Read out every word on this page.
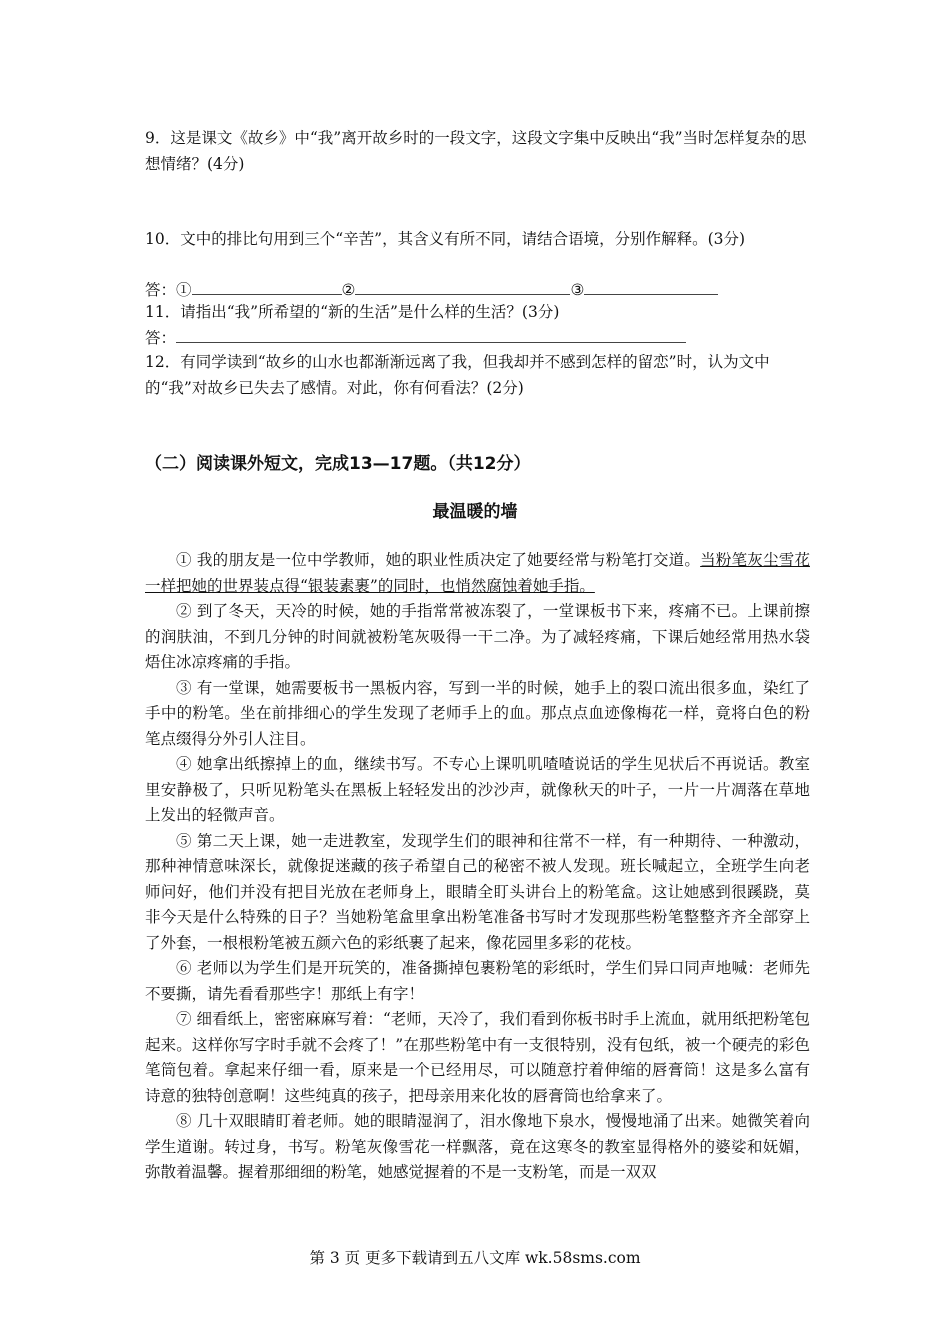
9．这是课文《故乡》中“我”离开故乡时的一段文字，这段文字集中反映出“我”当时怎样复杂的思想情绪？(4分)

10．文中的排比句用到三个“辛苦”，其含义有所不同，请结合语境，分别作解释。(3分)

答：①	②	③

11．请指出“我”所希望的“新的生活”是什么样的生活？(3分)

答：

12．有同学读到“故乡的山水也都渐渐远离了我，但我却并不感到怎样的留恋”时，认为文中的“我”对故乡已失去了感情。对此，你有何看法？(2分)

（二）阅读课外短文，完成13—17题。（共12分）

最温暖的墙

① 我的朋友是一位中学教师，她的职业性质决定了她要经常与粉笔打交道。当粉笔灰尘雪花一样把她的世界装点得“银装素裹”的同时，也悄然腐蚀着她手指。

② 到了冬天，天冷的时候，她的手指常常被冻裂了，一堂课板书下来，疼痛不已。上课前擦的润肤油，不到几分钟的时间就被粉笔灰吸得一干二净。为了减轻疼痛，下课后她经常用热水袋焐住冰凉疼痛的手指。

③ 有一堂课，她需要板书一黑板内容，写到一半的时候，她手上的裂口流出很多血，染红了手中的粉笔。坐在前排细心的学生发现了老师手上的血。那点点血迹像梅花一样，竟将白色的粉笔点缀得分外引人注目。

④ 她拿出纸擦掉上的血，继续书写。不专心上课叽叽喳喳说话的学生见状后不再说话。教室里安静极了，只听见粉笔头在黑板上轻轻发出的沙沙声，就像秋天的叶子，一片一片凋落在草地上发出的轻微声音。

⑤ 第二天上课，她一走进教室，发现学生们的眼神和往常不一样，有一种期待、一种激动，那种神情意味深长，就像捉迷藏的孩子希望自己的秘密不被人发现。班长喊起立，全班学生向老师问好，他们并没有把目光放在老师身上，眼睛全盯头讲台上的粉笔盒。这让她感到很蹊跷，莫非今天是什么特殊的日子？当她粉笔盒里拿出粉笔准备书写时才发现那些粉笔整整齐齐全部穿上了外套，一根根粉笔被五颜六色的彩纸裹了起来，像花园里多彩的花枝。

⑥ 老师以为学生们是开玩笑的，准备撕掉包裹粉笔的彩纸时，学生们异口同声地喊：老师先不要撕，请先看看那些字！那纸上有字！

⑦ 细看纸上，密密麻麻写着：“老师，天冷了，我们看到你板书时手上流血，就用纸把粉笔包起来。这样你写字时手就不会疼了！”在那些粉笔中有一支很特别，没有包纸，被一个硬壳的彩色笔筒包着。拿起来仔细一看，原来是一个已经用尽，可以随意拧着伸缩的唇膏筒！这是多么富有诗意的独特创意啊！这些纯真的孩子，把母亲用来化妆的唇膏筒也给拿来了。

⑧ 几十双眼睛盯着老师。她的眼睛湿润了，泪水像地下泉水，慢慢地涌了出来。她微笑着向学生道谢。转过身，书写。粉笔灰像雪花一样飘落，竟在这寒冬的教室显得格外的婆娑和妩媚，弥散着温馨。握着那细细的粉笔，她感觉握着的不是一支粉笔，而是一双双

第 3 页 更多下载请到五八文库 wk.58sms.com
